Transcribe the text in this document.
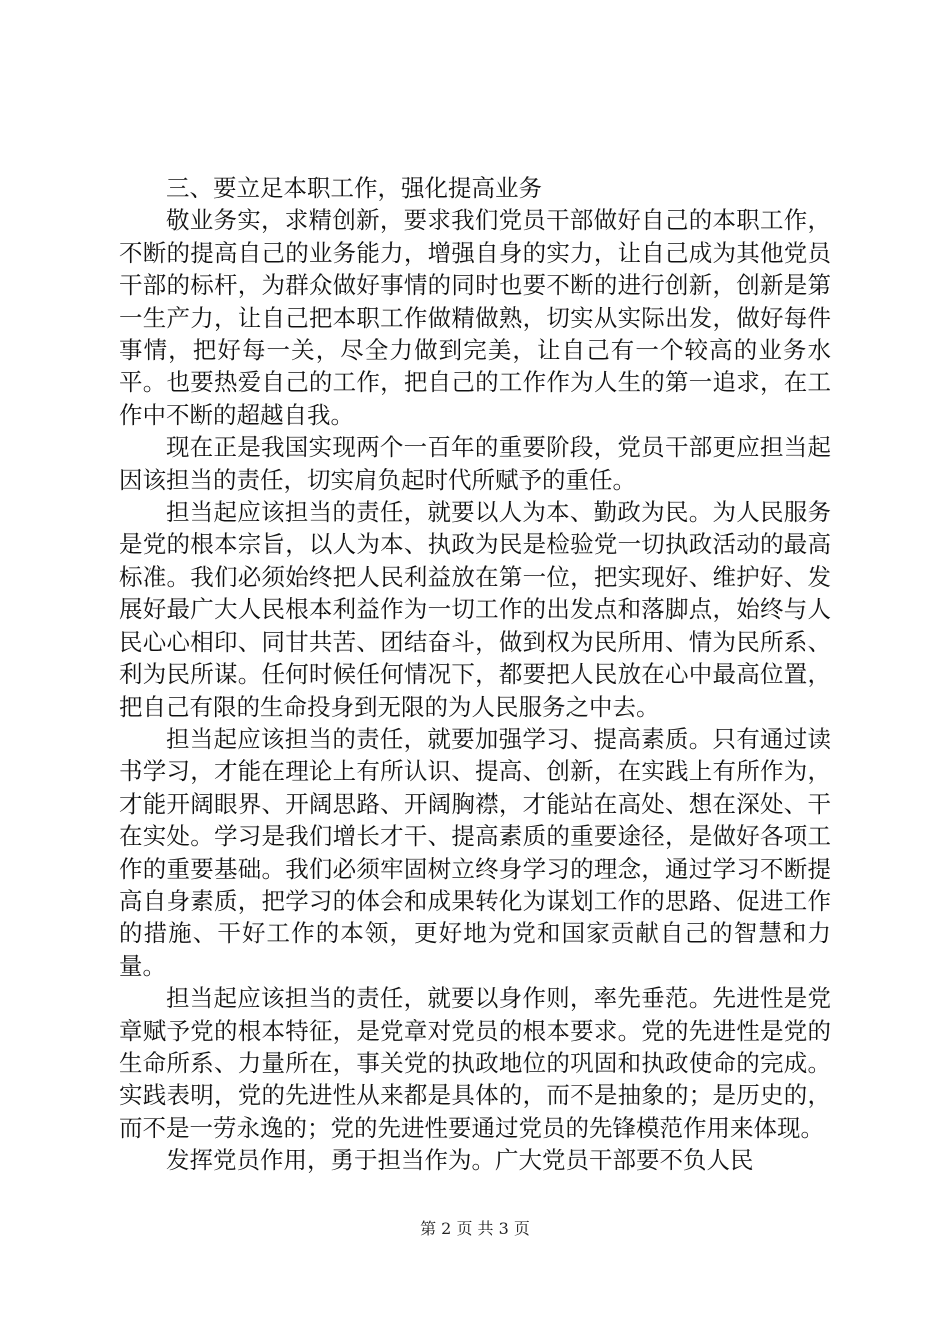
三、要立足本职工作，强化提高业务

敬业务实，求精创新，要求我们党员干部做好自己的本职工作，不断的提高自己的业务能力，增强自身的实力，让自己成为其他党员干部的标杆，为群众做好事情的同时也要不断的进行创新，创新是第一生产力，让自己把本职工作做精做熟，切实从实际出发，做好每件事情，把好每一关，尽全力做到完美，让自己有一个较高的业务水平。也要热爱自己的工作，把自己的工作作为人生的第一追求，在工作中不断的超越自我。

现在正是我国实现两个一百年的重要阶段，党员干部更应担当起因该担当的责任，切实肩负起时代所赋予的重任。

担当起应该担当的责任，就要以人为本、勤政为民。为人民服务是党的根本宗旨，以人为本、执政为民是检验党一切执政活动的最高标准。我们必须始终把人民利益放在第一位，把实现好、维护好、发展好最广大人民根本利益作为一切工作的出发点和落脚点，始终与人民心心相印、同甘共苦、团结奋斗，做到权为民所用、情为民所系、利为民所谋。任何时候任何情况下，都要把人民放在心中最高位置，把自己有限的生命投身到无限的为人民服务之中去。

担当起应该担当的责任，就要加强学习、提高素质。只有通过读书学习，才能在理论上有所认识、提高、创新，在实践上有所作为，才能开阔眼界、开阔思路、开阔胸襟，才能站在高处、想在深处、干在实处。学习是我们增长才干、提高素质的重要途径，是做好各项工作的重要基础。我们必须牢固树立终身学习的理念，通过学习不断提高自身素质，把学习的体会和成果转化为谋划工作的思路、促进工作的措施、干好工作的本领，更好地为党和国家贡献自己的智慧和力量。

担当起应该担当的责任，就要以身作则，率先垂范。先进性是党章赋予党的根本特征，是党章对党员的根本要求。党的先进性是党的生命所系、力量所在，事关党的执政地位的巩固和执政使命的完成。实践表明，党的先进性从来都是具体的，而不是抽象的；是历史的，而不是一劳永逸的；党的先进性要通过党员的先锋模范作用来体现。

发挥党员作用，勇于担当作为。广大党员干部要不负人民

第 2 页 共 3 页
